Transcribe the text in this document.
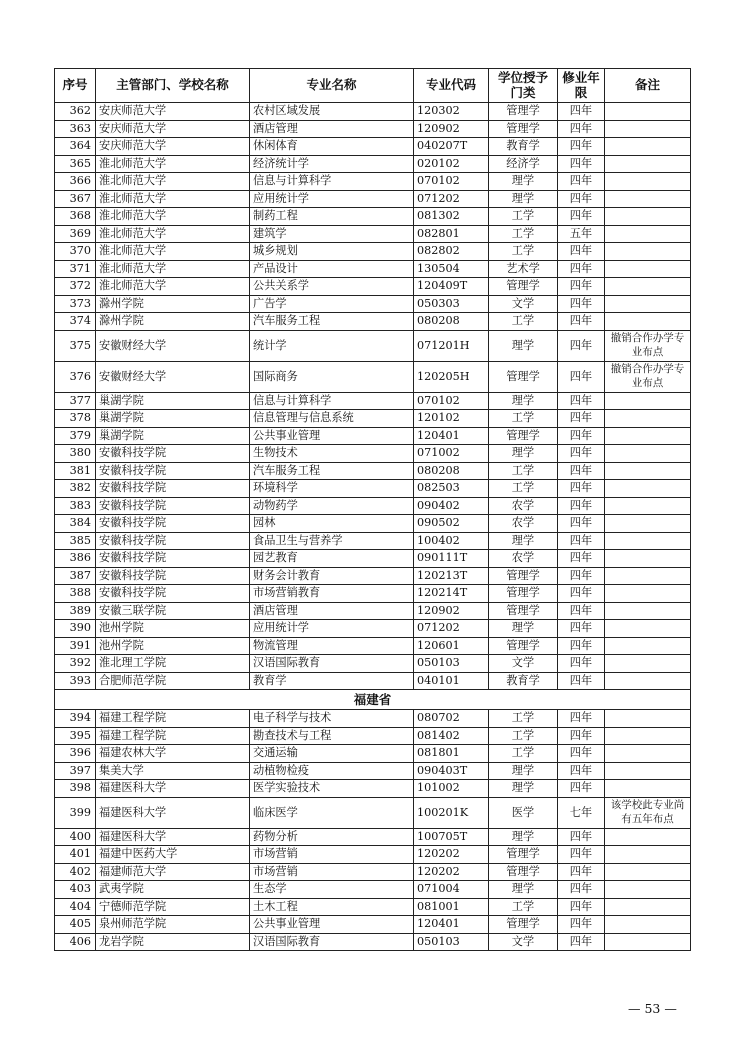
序号	主管部门、学校名称	专业名称	专业代码	学位授予门类	修业年限	备注
362	安庆师范大学	农村区域发展	120302	管理学	四年	
363	安庆师范大学	酒店管理	120902	管理学	四年	
364	安庆师范大学	休闲体育	040207T	教育学	四年	
365	淮北师范大学	经济统计学	020102	经济学	四年	
366	淮北师范大学	信息与计算科学	070102	理学	四年	
367	淮北师范大学	应用统计学	071202	理学	四年	
368	淮北师范大学	制药工程	081302	工学	四年	
369	淮北师范大学	建筑学	082801	工学	五年	
370	淮北师范大学	城乡规划	082802	工学	四年	
371	淮北师范大学	产品设计	130504	艺术学	四年	
372	淮北师范大学	公共关系学	120409T	管理学	四年	
373	滁州学院	广告学	050303	文学	四年	
374	滁州学院	汽车服务工程	080208	工学	四年	
375	安徽财经大学	统计学	071201H	理学	四年	撤销合作办学专业布点
376	安徽财经大学	国际商务	120205H	管理学	四年	撤销合作办学专业布点
377	巢湖学院	信息与计算科学	070102	理学	四年	
378	巢湖学院	信息管理与信息系统	120102	工学	四年	
379	巢湖学院	公共事业管理	120401	管理学	四年	
380	安徽科技学院	生物技术	071002	理学	四年	
381	安徽科技学院	汽车服务工程	080208	工学	四年	
382	安徽科技学院	环境科学	082503	工学	四年	
383	安徽科技学院	动物药学	090402	农学	四年	
384	安徽科技学院	园林	090502	农学	四年	
385	安徽科技学院	食品卫生与营养学	100402	理学	四年	
386	安徽科技学院	园艺教育	090111T	农学	四年	
387	安徽科技学院	财务会计教育	120213T	管理学	四年	
388	安徽科技学院	市场营销教育	120214T	管理学	四年	
389	安徽三联学院	酒店管理	120902	管理学	四年	
390	池州学院	应用统计学	071202	理学	四年	
391	池州学院	物流管理	120601	管理学	四年	
392	淮北理工学院	汉语国际教育	050103	文学	四年	
393	合肥师范学院	教育学	040101	教育学	四年	
福建省						
394	福建工程学院	电子科学与技术	080702	工学	四年	
395	福建工程学院	勘查技术与工程	081402	工学	四年	
396	福建农林大学	交通运输	081801	工学	四年	
397	集美大学	动植物检疫	090403T	理学	四年	
398	福建医科大学	医学实验技术	101002	理学	四年	
399	福建医科大学	临床医学	100201K	医学	七年	该学校此专业尚有五年布点
400	福建医科大学	药物分析	100705T	理学	四年	
401	福建中医药大学	市场营销	120202	管理学	四年	
402	福建师范大学	市场营销	120202	管理学	四年	
403	武夷学院	生态学	071004	理学	四年	
404	宁德师范学院	土木工程	081001	工学	四年	
405	泉州师范学院	公共事业管理	120401	管理学	四年	
406	龙岩学院	汉语国际教育	050103	文学	四年	
— 53 —
